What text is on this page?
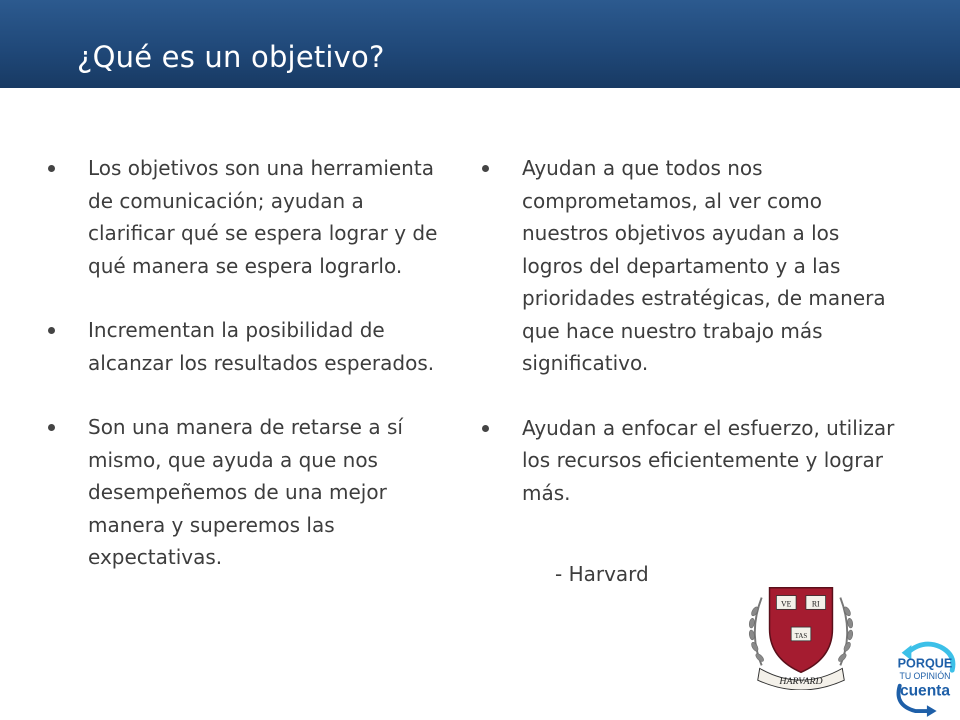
¿Qué es un objetivo?
Los objetivos son una herramienta de comunicación; ayudan a clarificar qué se espera lograr y de qué manera se espera lograrlo.
Incrementan la posibilidad de alcanzar los resultados esperados.
Son una manera de retarse a sí mismo, que ayuda a que nos desempeñemos de una mejor manera y superemos las expectativas.
Ayudan a que todos nos comprometamos, al ver como nuestros objetivos ayudan a los logros del departamento y a las prioridades estratégicas, de manera que hace nuestro trabajo más significativo.
Ayudan a enfocar el esfuerzo, utilizar los recursos eficientemente y lograr más.
- Harvard
VE	RI
TAS
HARVARD
PORQUE
TU OPINIÓN
cuenta
